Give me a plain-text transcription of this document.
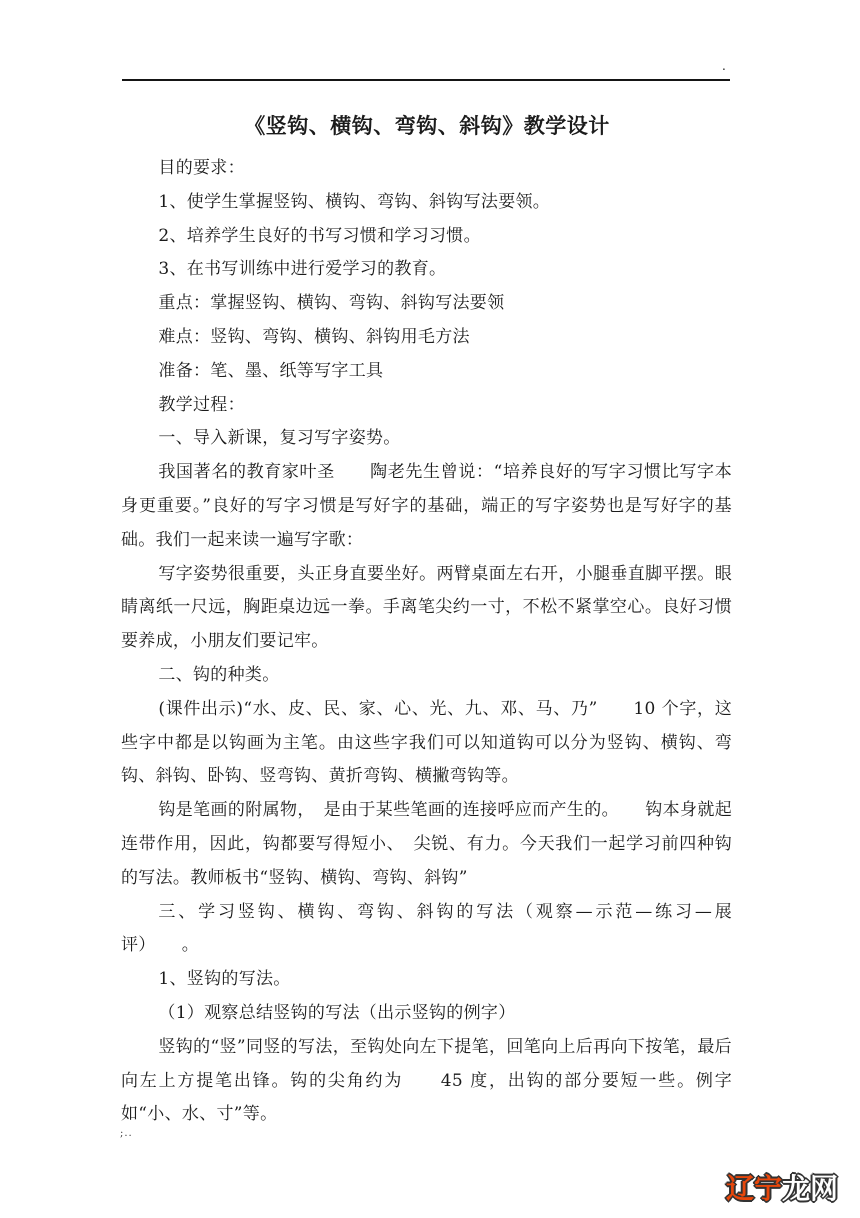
.
《竖钩、横钩、弯钩、斜钩》教学设计

目的要求：

1、使学生掌握竖钩、横钩、弯钩、斜钩写法要领。

2、培养学生良好的书写习惯和学习习惯。

3、在书写训练中进行爱学习的教育。

重点：掌握竖钩、横钩、弯钩、斜钩写法要领

难点：竖钩、弯钩、横钩、斜钩用毛方法

准备：笔、墨、纸等写字工具

教学过程：

一、导入新课，复习写字姿势。

我国著名的教育家叶圣　　陶老先生曾说：“培养良好的写字习惯比写字本身更重要。”良好的写字习惯是写好字的基础，端正的写字姿势也是写好字的基础。我们一起来读一遍写字歌：

写字姿势很重要，头正身直要坐好。两臂桌面左右开，小腿垂直脚平摆。眼睛离纸一尺远，胸距桌边远一拳。手离笔尖约一寸，不松不紧掌空心。良好习惯要养成，小朋友们要记牢。

二、钩的种类。

(课件出示)“水、皮、民、家、心、光、九、邓、马、乃”　　10 个字，这些字中都是以钩画为主笔。由这些字我们可以知道钩可以分为竖钩、横钩、弯钩、斜钩、卧钩、竖弯钩、黄折弯钩、横撇弯钩等。

钩是笔画的附属物，　是由于某些笔画的连接呼应而产生的。　　钩本身就起连带作用，因此，钩都要写得短小、　尖锐、有力。今天我们一起学习前四种钩的写法。教师板书“竖钩、横钩、弯钩、斜钩”

三、学习竖钩、横钩、弯钩、斜钩的写法（观察—示范—练习—展评）　　。

1、竖钩的写法。

（1）观察总结竖钩的写法（出示竖钩的例字）

竖钩的“竖”同竖的写法，至钩处向左下提笔，回笔向上后再向下按笔，最后向左上方提笔出锋。钩的尖角约为　　45 度，出钩的部分要短一些。例字如“小、水、寸”等。

;..
辽宁龙网
